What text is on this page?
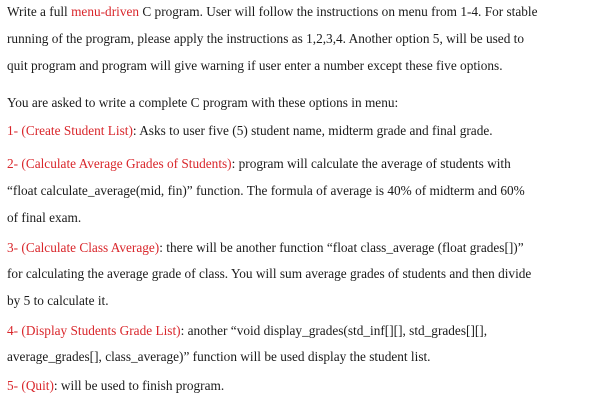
Write a full menu-driven C program. User will follow the instructions on menu from 1-4. For stable
running of the program, please apply the instructions as 1,2,3,4. Another option 5, will be used to
quit program and program will give warning if user enter a number except these five options.
You are asked to write a complete C program with these options in menu:
1- (Create Student List): Asks to user five (5) student name, midterm grade and final grade.
2- (Calculate Average Grades of Students): program will calculate the average of students with
“float calculate_average(mid, fin)” function. The formula of average is 40% of midterm and 60%
of final exam.
3- (Calculate Class Average): there will be another function “float class_average (float grades[])”
for calculating the average grade of class. You will sum average grades of students and then divide
by 5 to calculate it.
4- (Display Students Grade List): another “void display_grades(std_inf[][], std_grades[][],
average_grades[], class_average)” function will be used display the student list.
5- (Quit): will be used to finish program.
